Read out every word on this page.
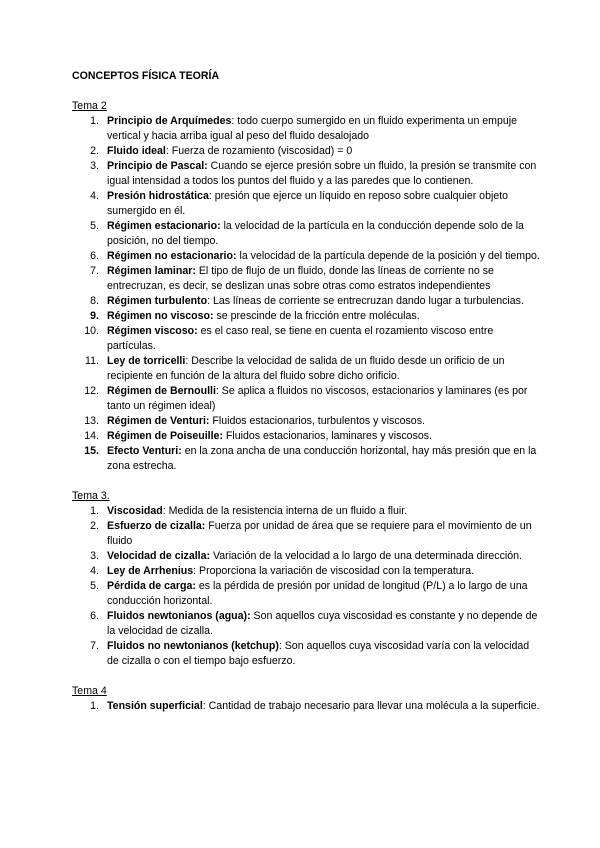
CONCEPTOS FÍSICA TEORÍA
Tema 2
1. Principio de Arquímedes: todo cuerpo sumergido en un fluido experimenta un empuje vertical y hacia arriba igual al peso del fluido desalojado
2. Fluido ideal: Fuerza de rozamiento (viscosidad) = 0
3. Principio de Pascal: Cuando se ejerce presión sobre un fluido, la presión se transmite con igual intensidad a todos los puntos del fluido y a las paredes que lo contienen.
4. Presión hidrostática: presión que ejerce un líquido en reposo sobre cualquier objeto sumergido en él.
5. Régimen estacionario: la velocidad de la partícula en la conducción depende solo de la posición, no del tiempo.
6. Régimen no estacionario: la velocidad de la partícula depende de la posición y del tiempo.
7. Régimen laminar: El tipo de flujo de un fluido, donde las líneas de corriente no se entrecruzan, es decir, se deslizan unas sobre otras como estratos independientes
8. Régimen turbulento: Las líneas de corriente se entrecruzan dando lugar a turbulencias.
9. Régimen no viscoso: se prescinde de la fricción entre moléculas.
10. Régimen viscoso: es el caso real, se tiene en cuenta el rozamiento viscoso entre partículas.
11. Ley de torricelli: Describe la velocidad de salida de un fluido desde un orificio de un recipiente en función de la altura del fluido sobre dicho orificio.
12. Régimen de Bernoulli: Se aplica a fluidos no viscosos, estacionarios y laminares (es por tanto un régimen ideal)
13. Régimen de Venturi: Fluidos estacionarios, turbulentos y viscosos.
14. Régimen de Poiseuille: Fluidos estacionarios, laminares y viscosos.
15. Efecto Venturi: en la zona ancha de una conducción horizontal, hay más presión que en la zona estrecha.
Tema 3.
1. Viscosidad: Medida de la resistencia interna de un fluido a fluir.
2. Esfuerzo de cizalla: Fuerza por unidad de área que se requiere para el movimiento de un fluido
3. Velocidad de cizalla: Variación de la velocidad a lo largo de una determinada dirección.
4. Ley de Arrhenius: Proporciona la variación de viscosidad con la temperatura.
5. Pérdida de carga: es la pérdida de presión por unidad de longitud (P/L) a lo largo de una conducción horizontal.
6. Fluidos newtonianos (agua): Son aquellos cuya viscosidad es constante y no depende de la velocidad de cizalla.
7. Fluidos no newtonianos (ketchup): Son aquellos cuya viscosidad varía con la velocidad de cizalla o con el tiempo bajo esfuerzo.
Tema 4
1. Tensión superficial: Cantidad de trabajo necesario para llevar una molécula a la superficie.
